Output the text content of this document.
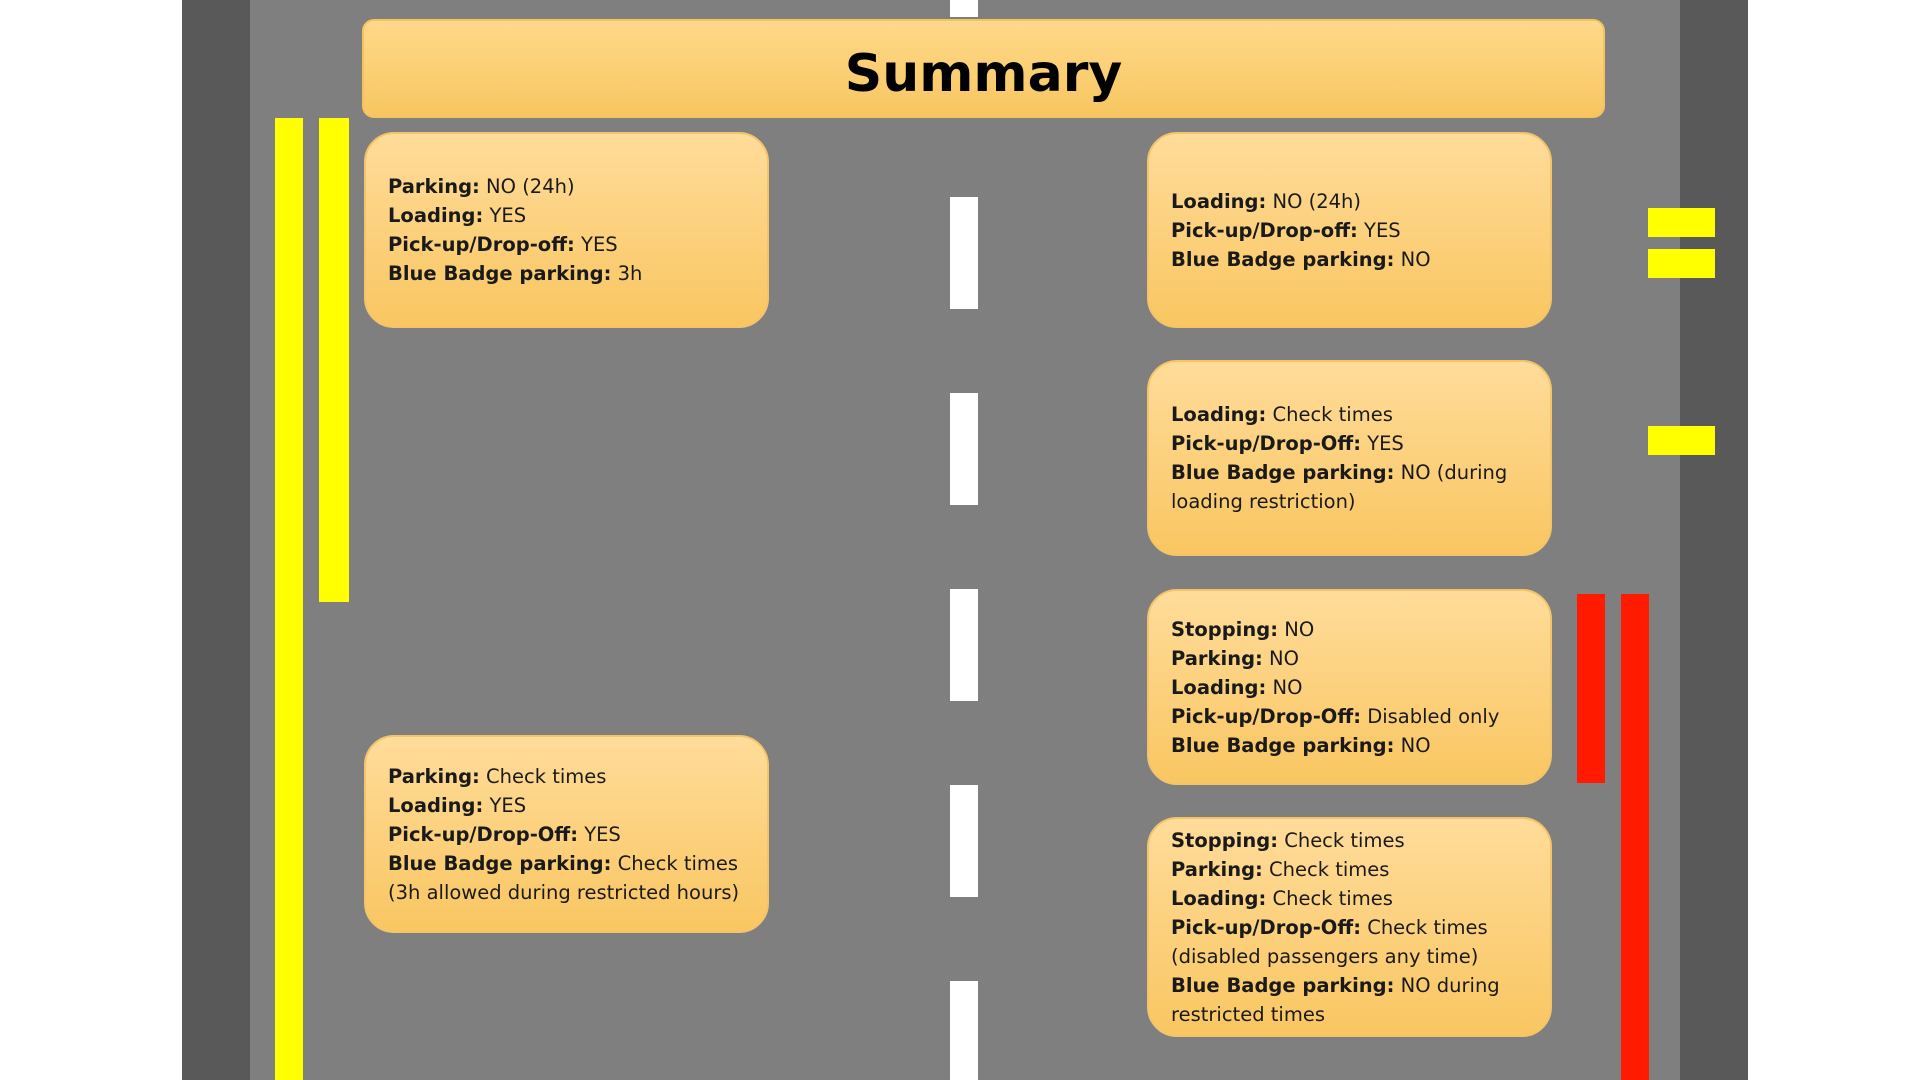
Summary
Parking: NO (24h)
Loading: YES
Pick-up/Drop-off: YES
Blue Badge parking: 3h
Parking: Check times
Loading: YES
Pick-up/Drop-Off: YES
Blue Badge parking: Check times (3h allowed during restricted hours)
Loading: NO (24h)
Pick-up/Drop-off: YES
Blue Badge parking: NO
Loading: Check times
Pick-up/Drop-Off: YES
Blue Badge parking: NO (during loading restriction)
Stopping: NO
Parking: NO
Loading: NO
Pick-up/Drop-Off: Disabled only
Blue Badge parking: NO
Stopping: Check times
Parking: Check times
Loading: Check times
Pick-up/Drop-Off: Check times (disabled passengers any time)
Blue Badge parking: NO during restricted times
